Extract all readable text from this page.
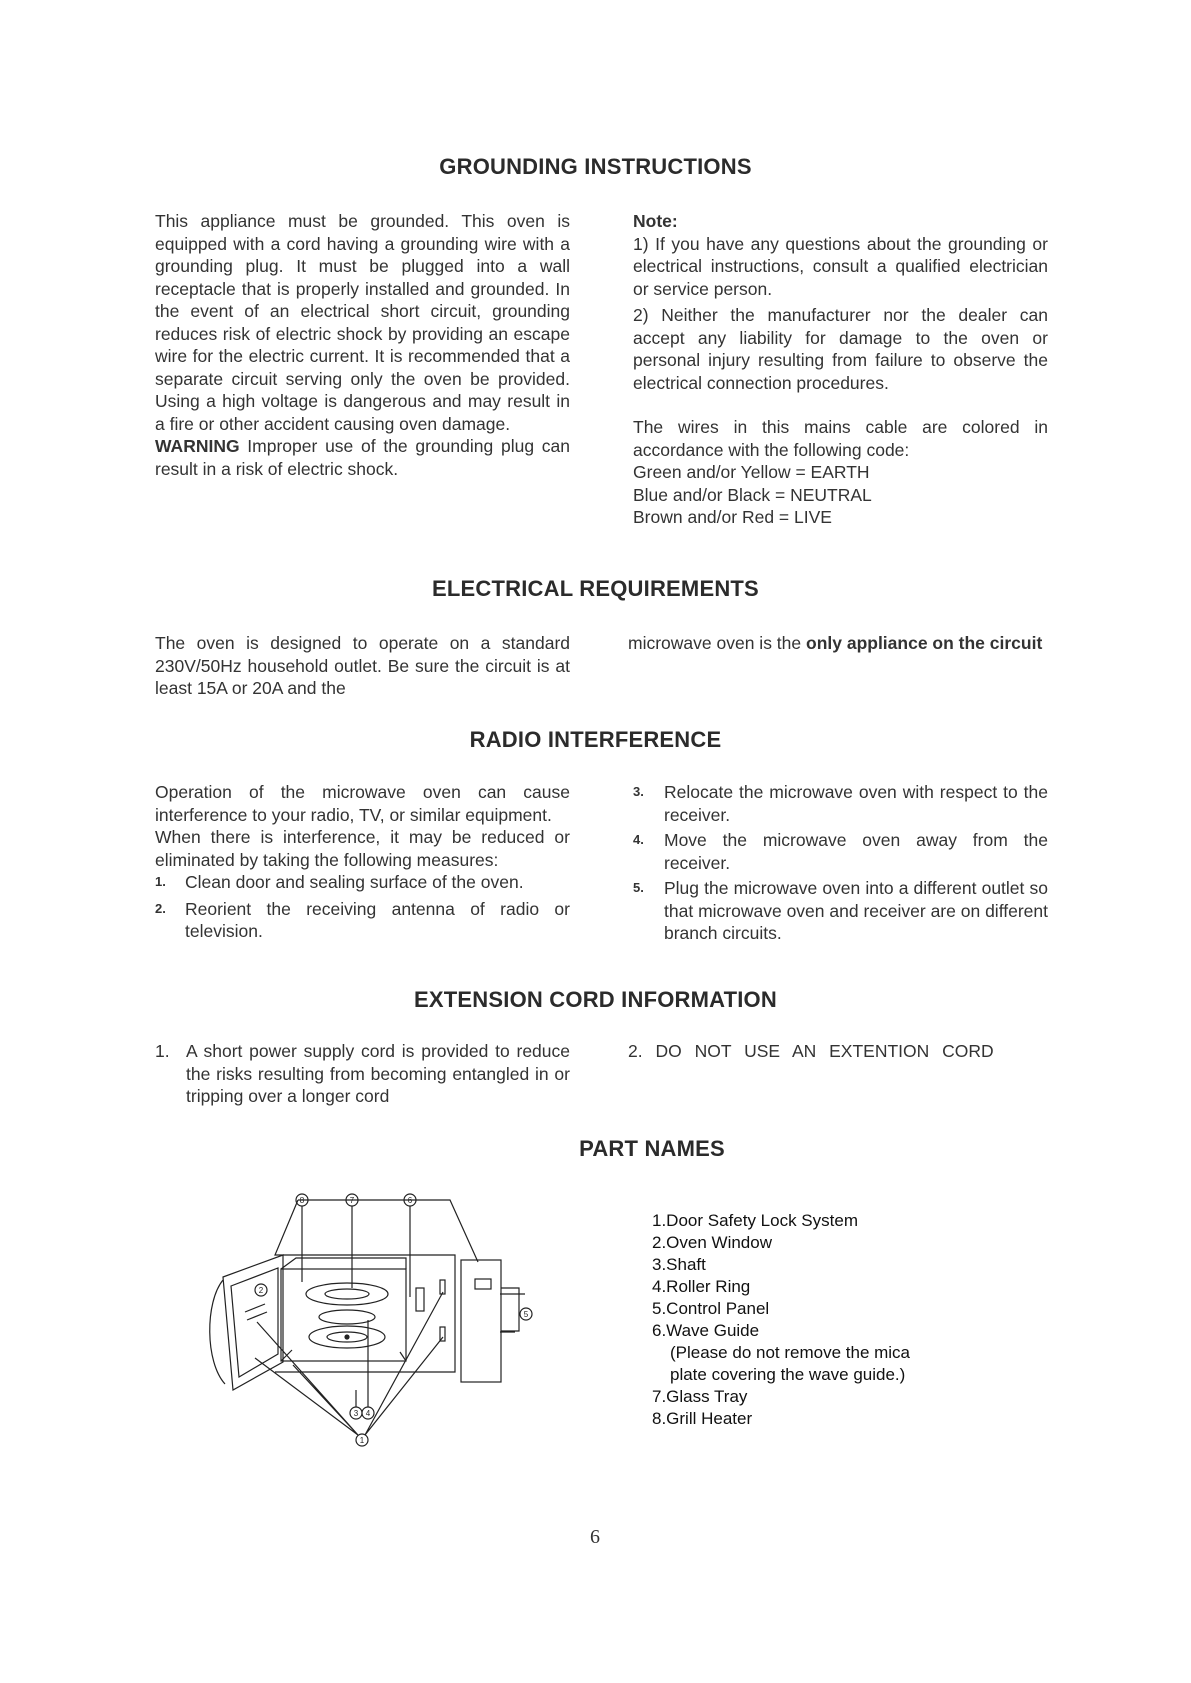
GROUNDING INSTRUCTIONS

This appliance must be grounded. This oven is equipped with a cord having a grounding wire with a grounding plug. It must be plugged into a wall receptacle that is properly installed and grounded. In the event of an electrical short circuit, grounding reduces risk of electric shock by providing an escape wire for the electric current. It is recommended that a separate circuit serving only the oven be provided. Using a high voltage is dangerous and may result in a fire or other accident causing oven damage.

WARNING Improper use of the grounding plug can result in a risk of electric shock.

Note:

1) If you have any questions about the grounding or electrical instructions, consult a qualified electrician or service person.

2) Neither the manufacturer nor the dealer can accept any liability for damage to the oven or personal injury resulting from failure to observe the electrical connection procedures.

The wires in this mains cable are colored in accordance with the following code:

Green and/or Yellow = EARTH

Blue and/or Black = NEUTRAL

Brown and/or Red = LIVE

ELECTRICAL REQUIREMENTS

The oven is designed to operate on a standard 230V/50Hz household outlet. Be sure the circuit is at least 15A or 20A and the

microwave oven is the only appliance on the circuit

RADIO INTERFERENCE

Operation of the microwave oven can cause interference to your radio, TV, or similar equipment.

When there is interference, it may be reduced or eliminated by taking the following measures:

1. Clean door and sealing surface of the oven.
2. Reorient the receiving antenna of radio or television.
3. Relocate the microwave oven with respect to the receiver.
4. Move the microwave oven away from the receiver.
5. Plug the microwave oven into a different outlet so that microwave oven and receiver are on different branch circuits.
EXTENSION CORD INFORMATION
1. A short power supply cord is provided to reduce the risks resulting from becoming entangled in or tripping over a longer cord
2. DO NOT USE AN EXTENTION CORD
PART NAMES
8	7	6
2
5
3 4
1
1.Door Safety Lock System
2.Oven Window
3.Shaft
4.Roller Ring
5.Control Panel
6.Wave Guide
(Please do not remove the mica
plate covering the wave guide.)
7.Glass Tray
8.Grill Heater
6
